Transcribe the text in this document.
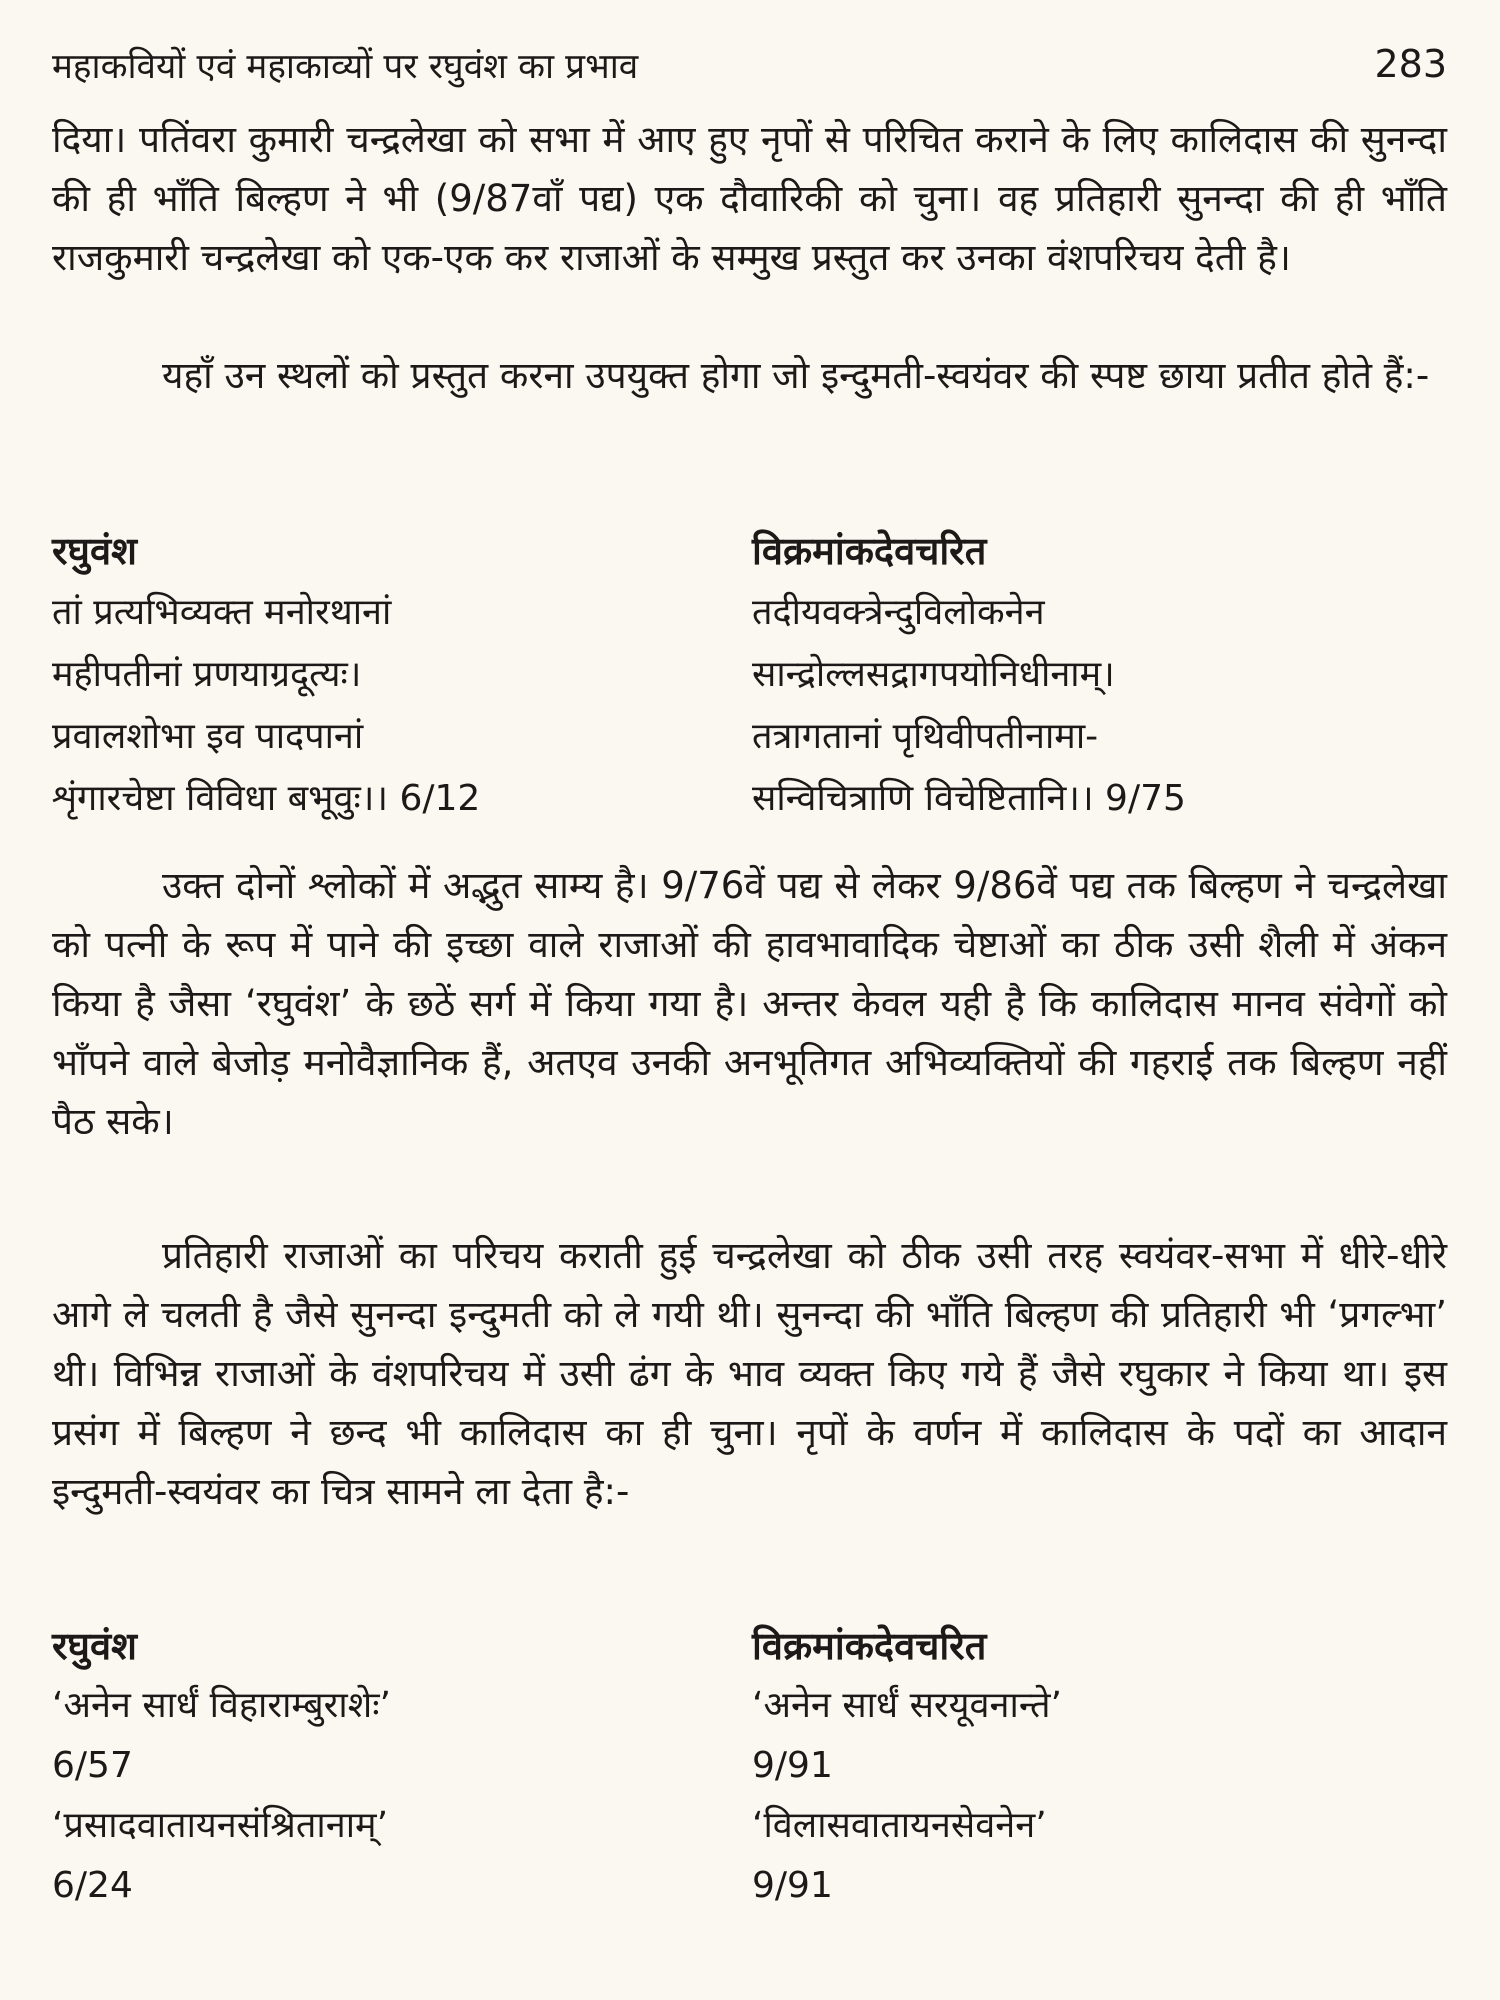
महाकवियों एवं महाकाव्यों पर रघुवंश का प्रभाव	283

दिया। पतिंवरा कुमारी चन्द्रलेखा को सभा में आए हुए नृपों से परिचित कराने के लिए कालिदास की सुनन्दा की ही भाँति बिल्हण ने भी (9/87वाँ पद्य) एक दौवारिकी को चुना। वह प्रतिहारी सुनन्दा की ही भाँति राजकुमारी चन्द्रलेखा को एक-एक कर राजाओं के सम्मुख प्रस्तुत कर उनका वंशपरिचय देती है।

यहाँ उन स्थलों को प्रस्तुत करना उपयुक्त होगा जो इन्दुमती-स्वयंवर की स्पष्ट छाया प्रतीत होते हैं:-

रघुवंश
तां प्रत्यभिव्यक्त मनोरथानां
महीपतीनां प्रणयाग्रदूत्यः।
प्रवालशोभा इव पादपानां
शृंगारचेष्टा विविधा बभूवुः।। 6/12
विक्रमांकदेवचरित
तदीयवक्त्रेन्दुविलोकनेन
सान्द्रोल्लसद्रागपयोनिधीनाम्।
तत्रागतानां पृथिवीपतीनामा-
सन्विचित्राणि विचेष्टितानि।। 9/75

उक्त दोनों श्लोकों में अद्भुत साम्य है। 9/76वें पद्य से लेकर 9/86वें पद्य तक बिल्हण ने चन्द्रलेखा को पत्नी के रूप में पाने की इच्छा वाले राजाओं की हावभावादिक चेष्टाओं का ठीक उसी शैली में अंकन किया है जैसा ‘रघुवंश’ के छठें सर्ग में किया गया है। अन्तर केवल यही है कि कालिदास मानव संवेगों को भाँपने वाले बेजोड़ मनोवैज्ञानिक हैं, अतएव उनकी अनभूतिगत अभिव्यक्तियों की गहराई तक बिल्हण नहीं पैठ सके।

प्रतिहारी राजाओं का परिचय कराती हुई चन्द्रलेखा को ठीक उसी तरह स्वयंवर-सभा में धीरे-धीरे आगे ले चलती है जैसे सुनन्दा इन्दुमती को ले गयी थी। सुनन्दा की भाँति बिल्हण की प्रतिहारी भी ‘प्रगल्भा’ थी। विभिन्न राजाओं के वंशपरिचय में उसी ढंग के भाव व्यक्त किए गये हैं जैसे रघुकार ने किया था। इस प्रसंग में बिल्हण ने छन्द भी कालिदास का ही चुना। नृपों के वर्णन में कालिदास के पदों का आदान इन्दुमती-स्वयंवर का चित्र सामने ला देता है:-

रघुवंश
‘अनेन सार्धं विहाराम्बुराशेः’
6/57
‘प्रसादवातायनसंश्रितानाम्’
6/24
विक्रमांकदेवचरित
‘अनेन सार्धं सरयूवनान्ते’
9/91
‘विलासवातायनसेवनेन’
9/91
